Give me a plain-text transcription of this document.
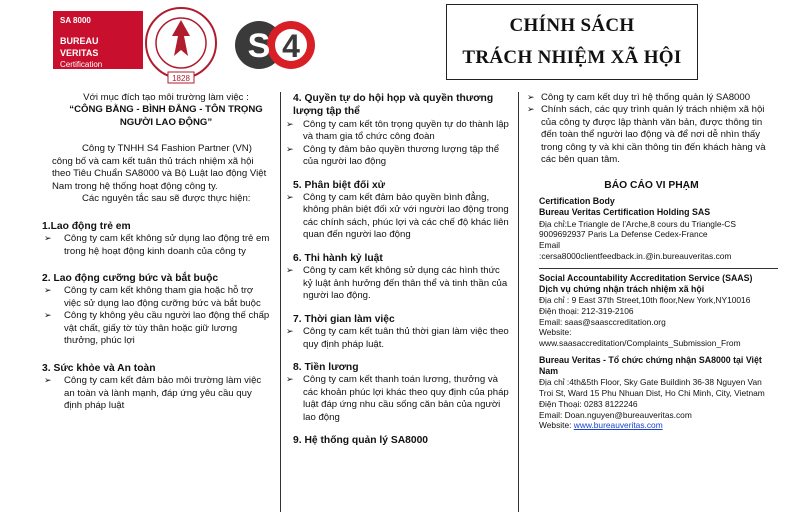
SA 8000
BUREAU VERITAS
Certification
1828
S 4
CHÍNH SÁCH
TRÁCH NHIỆM XÃ HỘI
Với mục đích tạo môi trường làm việc :
“CÔNG BẰNG - BÌNH ĐẲNG - TÔN TRỌNG NGƯỜI LAO ĐỘNG”
Công ty TNHH S4 Fashion Partner (VN) công bố và cam kết tuân thủ trách nhiệm xã hội theo Tiêu Chuẩn SA8000 và Bộ Luật lao động Việt Nam trong hệ thống hoạt động công ty.
Các nguyên tắc sau sẽ được thực hiện:
1.Lao động trẻ em
➢ Công ty cam kết không sử dụng lao động trẻ em trong hệ hoạt động kinh doanh của công ty
2. Lao động cưỡng bức và bắt buộc
➢ Công ty cam kết không tham gia hoặc hỗ trợ việc sử dụng lao động cưỡng bức và bắt buộc
➢ Công ty không yêu cầu người lao động thế chấp vật chất, giấy tờ tùy thân hoặc giữ lương thưởng, phúc lợi
3. Sức khỏe và An toàn
➢ Công ty cam kết đảm bảo môi trường làm việc an toàn và lành mạnh, đáp ứng yêu cầu quy định pháp luật
4. Quyền tự do hội họp và quyền thương lượng tập thể
➢ Công ty cam kết tôn trọng quyền tự do thành lập và tham gia tổ chức công đoàn
➢ Công ty đảm bảo quyền thương lượng tập thể của người lao động
5. Phân biệt đối xử
➢ Công ty cam kết đảm bảo quyền bình đẳng, không phân biệt đối xử với người lao động trong các chính sách, phúc lợi và các chế độ khác liên quan đến người lao động
6. Thi hành kỷ luật
➢ Công ty cam kết không sử dụng các hình thức kỷ luật ảnh hưởng đến thân thể và tinh thần của người lao động.
7. Thời gian làm việc
➢ Công ty cam kết tuân thủ thời gian làm việc theo quy định pháp luật.
8. Tiền lương
➢ Công ty cam kết thanh toán lương, thưởng và các khoản phúc lợi khác theo quy định của pháp luật đáp ứng nhu cầu sống căn bản của người lao động
9. Hệ thống quản lý SA8000
➢ Công ty cam kết duy trì hệ thống quản lý SA8000
➢ Chính sách, các quy trình quản lý trách nhiệm xã hội của công ty được lập thành văn bản, được thông tin đến toàn thể người lao động và để nơi dễ nhìn thấy trong công ty và khi cần thông tin đến khách hàng và các bên quan tâm.
BÁO CÁO VI PHẠM
Certification Body
Bureau Veritas Certification Holding SAS
Địa chỉ:Le Triangle de l’Arche,8 cours du Triangle-CS 9009692937 Paris La Defense Cedex-France
Email
:cersa8000clientfeedback.in.@in.bureauveritas.com
Social Accountability Accreditation Service (SAAS)
Dịch vụ chứng nhận trách nhiệm xã hội
Địa chỉ : 9 East 37th Street,10th floor,New York,NY10016
Điện thoại: 212-319-2106
Email: saas@saasccreditation.org
Website:
www.saasaccreditation/Complaints_Submission_From
Bureau Veritas - Tổ chức chứng nhận SA8000 tại Việt Nam
Địa chỉ :4th&5th Floor, Sky Gate Buildinh 36-38 Nguyen Van Troi St, Ward 15 Phu Nhuan Dist, Ho Chi Minh, City, Vietnam
Điện Thoại: 0283 8122246
Email: Doan.nguyen@bureauveritas.com
Website: www.bureauveritas.com
